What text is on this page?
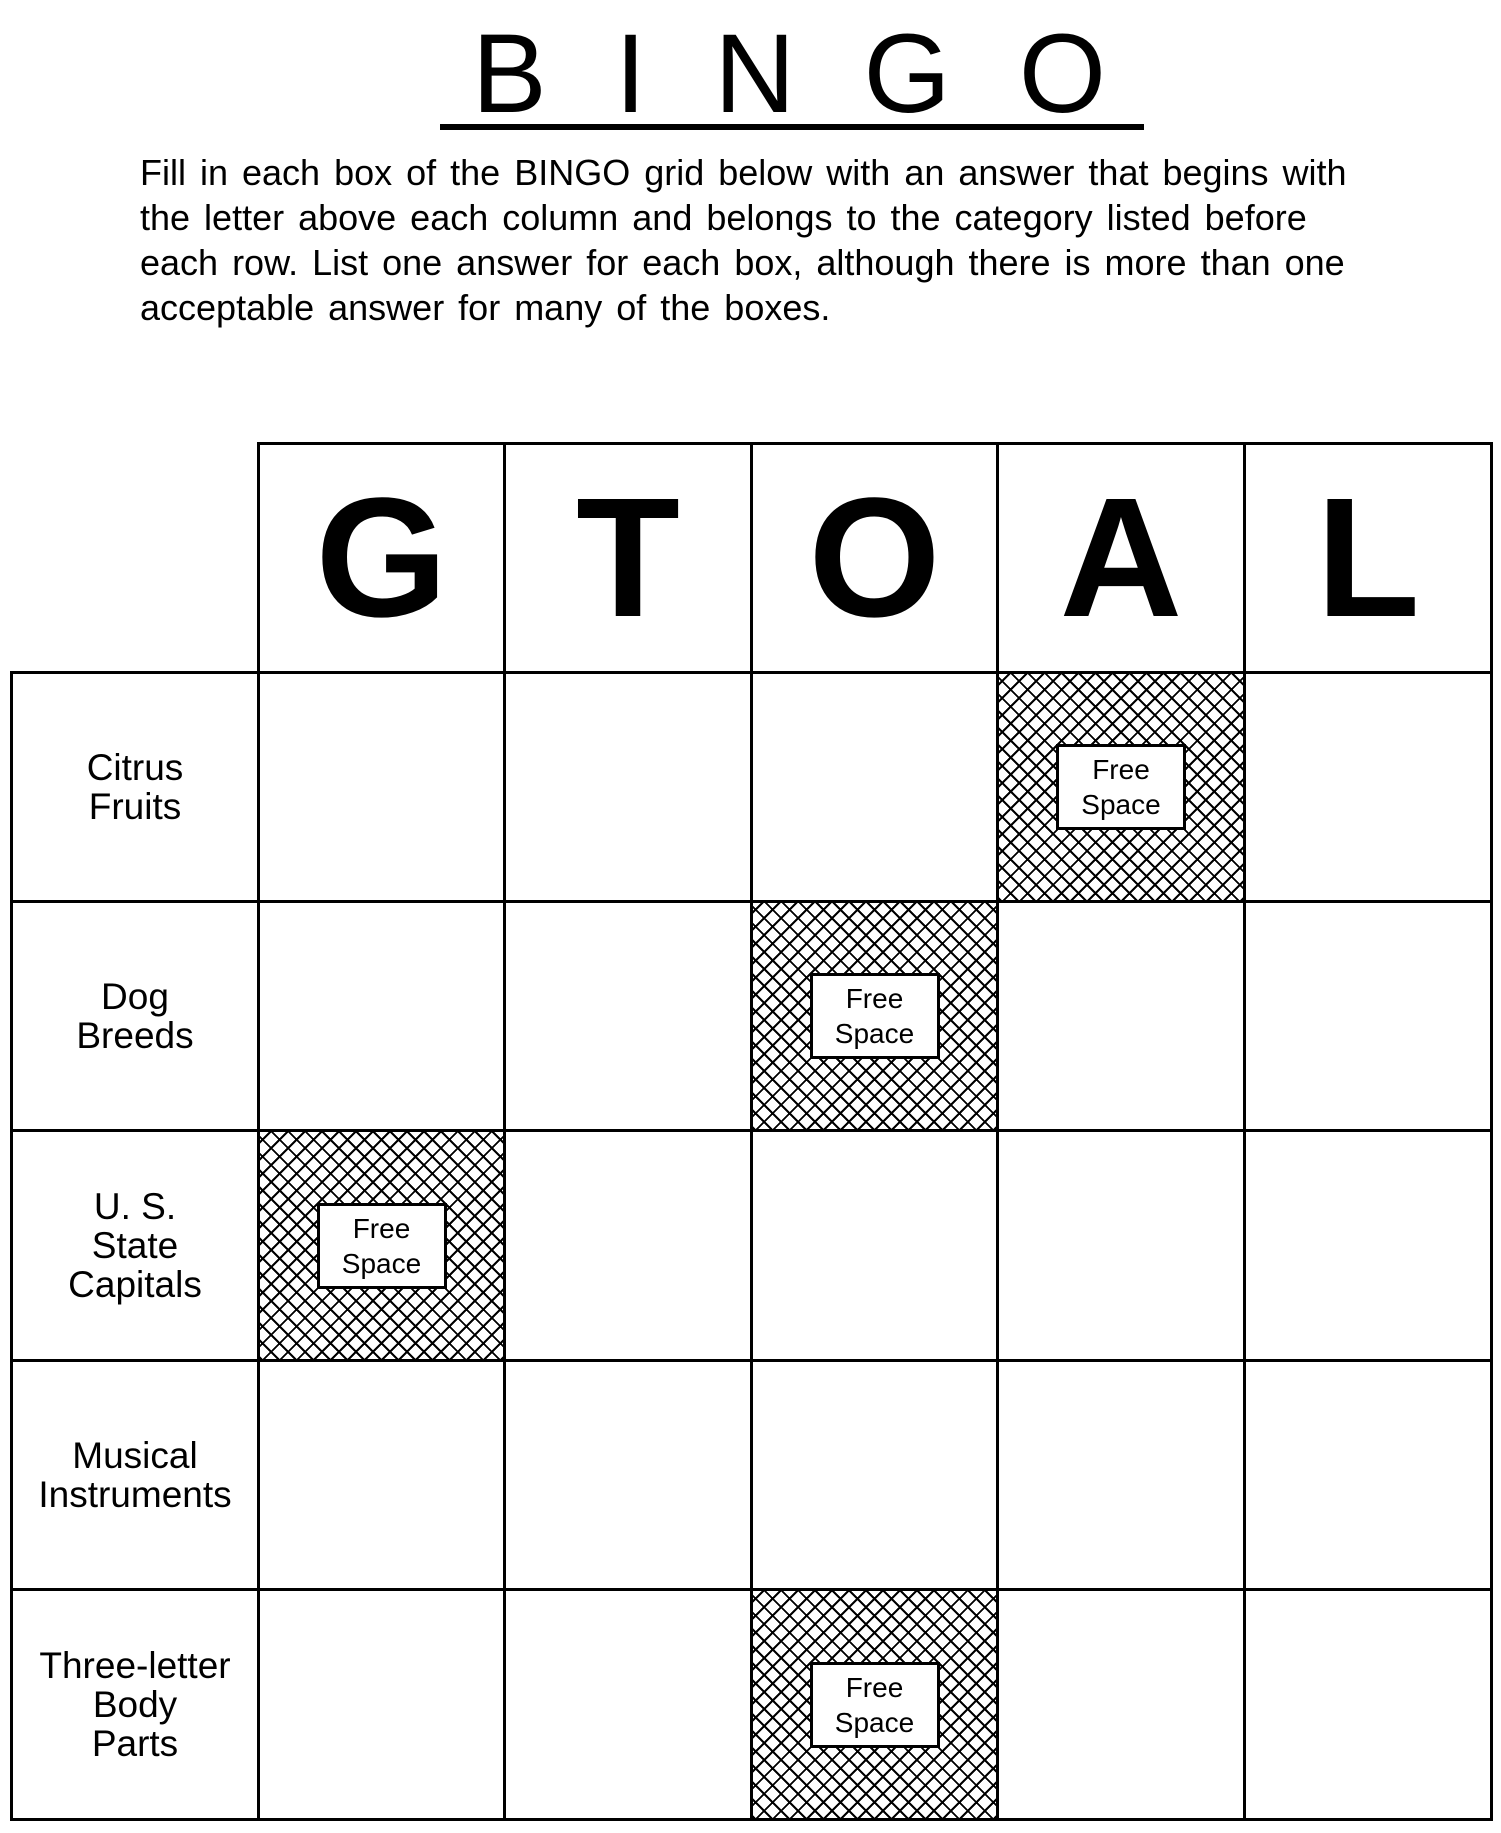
B I N G O

Fill in each box of the BINGO grid below with an answer that begins with the letter above each column and belongs to the category listed before each row. List one answer for each box, although there is more than one acceptable answer for many of the boxes.

G T O A L
Citrus
Fruits
Free
Space
Dog
Breeds
Free
Space
U. S.
State
Capitals
Free
Space
Musical
Instruments
Three-letter
Body
Parts
Free
Space
